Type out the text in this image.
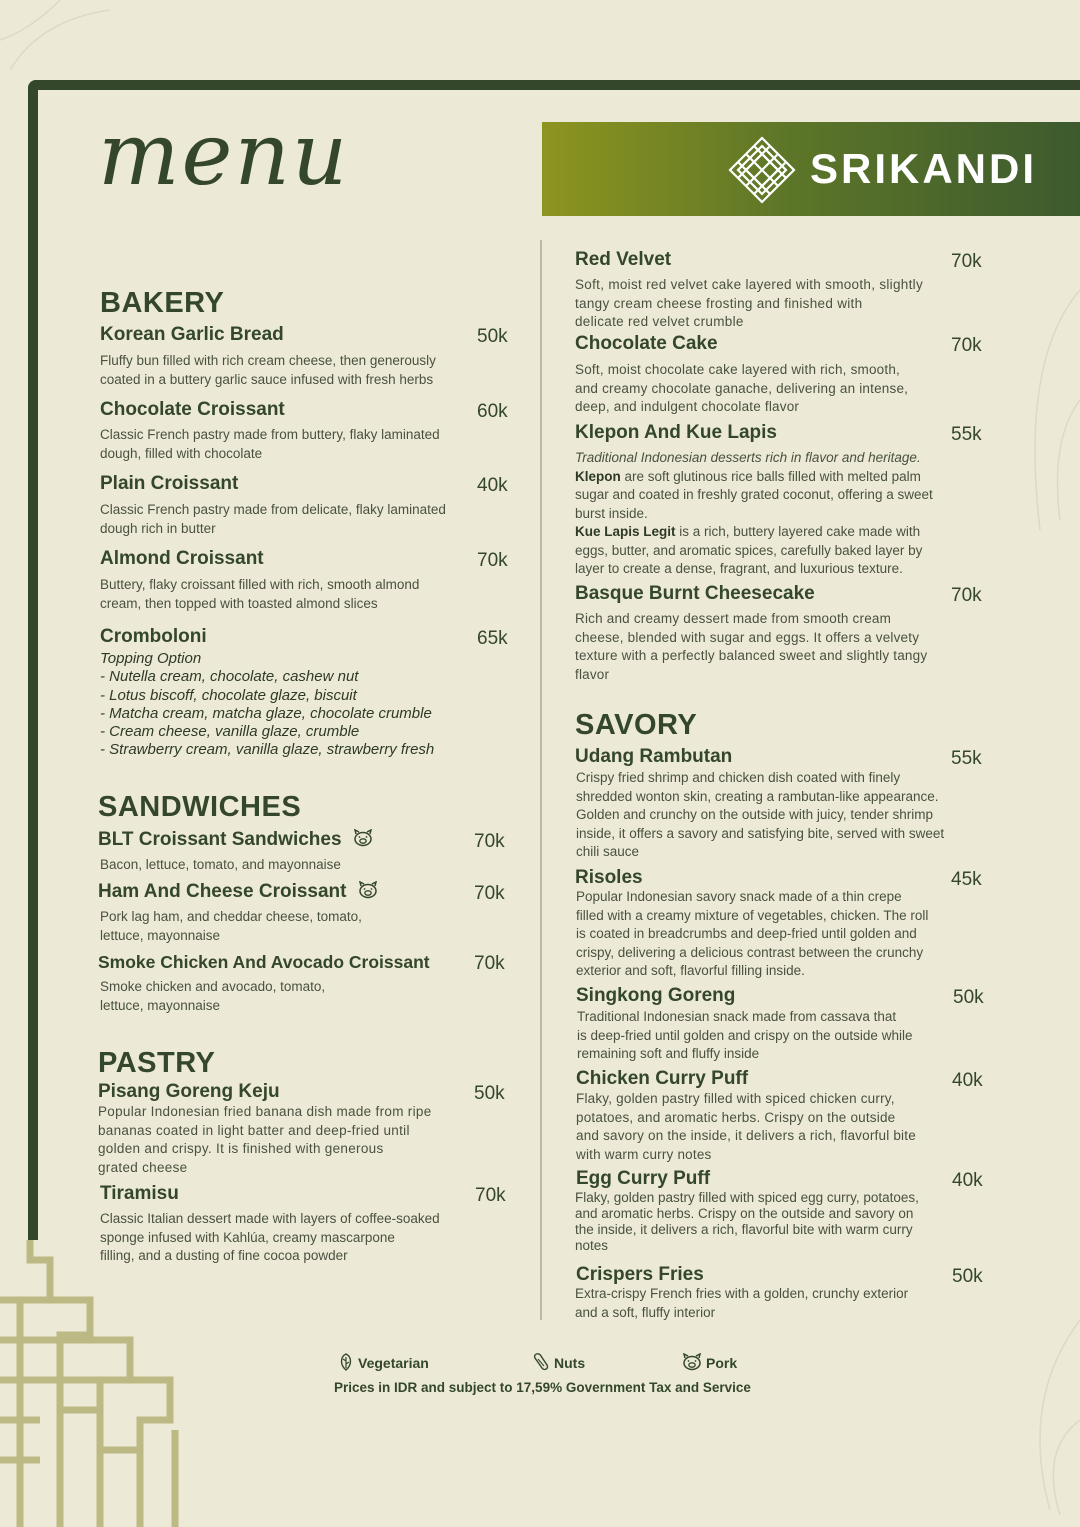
menu	SRIKANDI
BAKERY
Korean Garlic Bread	50k
Fluffy bun filled with rich cream cheese, then generously
coated in a buttery garlic sauce infused with fresh herbs
Chocolate Croissant	60k
Classic French pastry made from buttery, flaky laminated
dough, filled with chocolate
Plain Croissant	40k
Classic French pastry made from delicate, flaky laminated
dough rich in butter
Almond Croissant	70k
Buttery, flaky croissant filled with rich, smooth almond
cream, then topped with toasted almond slices
Cromboloni	65k
Topping Option
- Nutella cream, chocolate, cashew nut
- Lotus biscoff, chocolate glaze, biscuit
- Matcha cream, matcha glaze, chocolate crumble
- Cream cheese, vanilla glaze, crumble
- Strawberry cream, vanilla glaze, strawberry fresh
SANDWICHES
BLT Croissant Sandwiches	70k
Bacon, lettuce, tomato, and mayonnaise
Ham And Cheese Croissant	70k
Pork lag ham, and cheddar cheese, tomato,
lettuce, mayonnaise
Smoke Chicken And Avocado Croissant 70k
Smoke chicken and avocado, tomato,
lettuce, mayonnaise
PASTRY
Pisang Goreng Keju	50k
Popular Indonesian fried banana dish made from ripe
bananas coated in light batter and deep-fried until
golden and crispy. It is finished with generous
grated cheese
Tiramisu	70k
Classic Italian dessert made with layers of coffee-soaked
sponge infused with Kahlúa, creamy mascarpone
filling, and a dusting of fine cocoa powder
Red Velvet	70k
Soft, moist red velvet cake layered with smooth, slightly
tangy cream cheese frosting and finished with
delicate red velvet crumble
Chocolate Cake	70k
Soft, moist chocolate cake layered with rich, smooth,
and creamy chocolate ganache, delivering an intense,
deep, and indulgent chocolate flavor
Klepon And Kue Lapis	55k
Traditional Indonesian desserts rich in flavor and heritage.
Klepon are soft glutinous rice balls filled with melted palm
sugar and coated in freshly grated coconut, offering a sweet
burst inside.
Kue Lapis Legit is a rich, buttery layered cake made with
eggs, butter, and aromatic spices, carefully baked layer by
layer to create a dense, fragrant, and luxurious texture.
Basque Burnt Cheesecake	70k
Rich and creamy dessert made from smooth cream
cheese, blended with sugar and eggs. It offers a velvety
texture with a perfectly balanced sweet and slightly tangy
flavor
SAVORY
Udang Rambutan	55k
Crispy fried shrimp and chicken dish coated with finely
shredded wonton skin, creating a rambutan-like appearance.
Golden and crunchy on the outside with juicy, tender shrimp
inside, it offers a savory and satisfying bite, served with sweet
chili sauce
Risoles	45k
Popular Indonesian savory snack made of a thin crepe
filled with a creamy mixture of vegetables, chicken. The roll
is coated in breadcrumbs and deep-fried until golden and
crispy, delivering a delicious contrast between the crunchy
exterior and soft, flavorful filling inside.
Singkong Goreng	50k
Traditional Indonesian snack made from cassava that
is deep-fried until golden and crispy on the outside while
remaining soft and fluffy inside
Chicken Curry Puff	40k
Flaky, golden pastry filled with spiced chicken curry,
potatoes, and aromatic herbs. Crispy on the outside
and savory on the inside, it delivers a rich, flavorful bite
with warm curry notes
Egg Curry Puff	40k
Flaky, golden pastry filled with spiced egg curry, potatoes,
and aromatic herbs. Crispy on the outside and savory on
the inside, it delivers a rich, flavorful bite with warm curry
notes
Crispers Fries	50k
Extra-crispy French fries with a golden, crunchy exterior
and a soft, fluffy interior
Vegetarian	Nuts	Pork
Prices in IDR and subject to 17,59% Government Tax and Service
